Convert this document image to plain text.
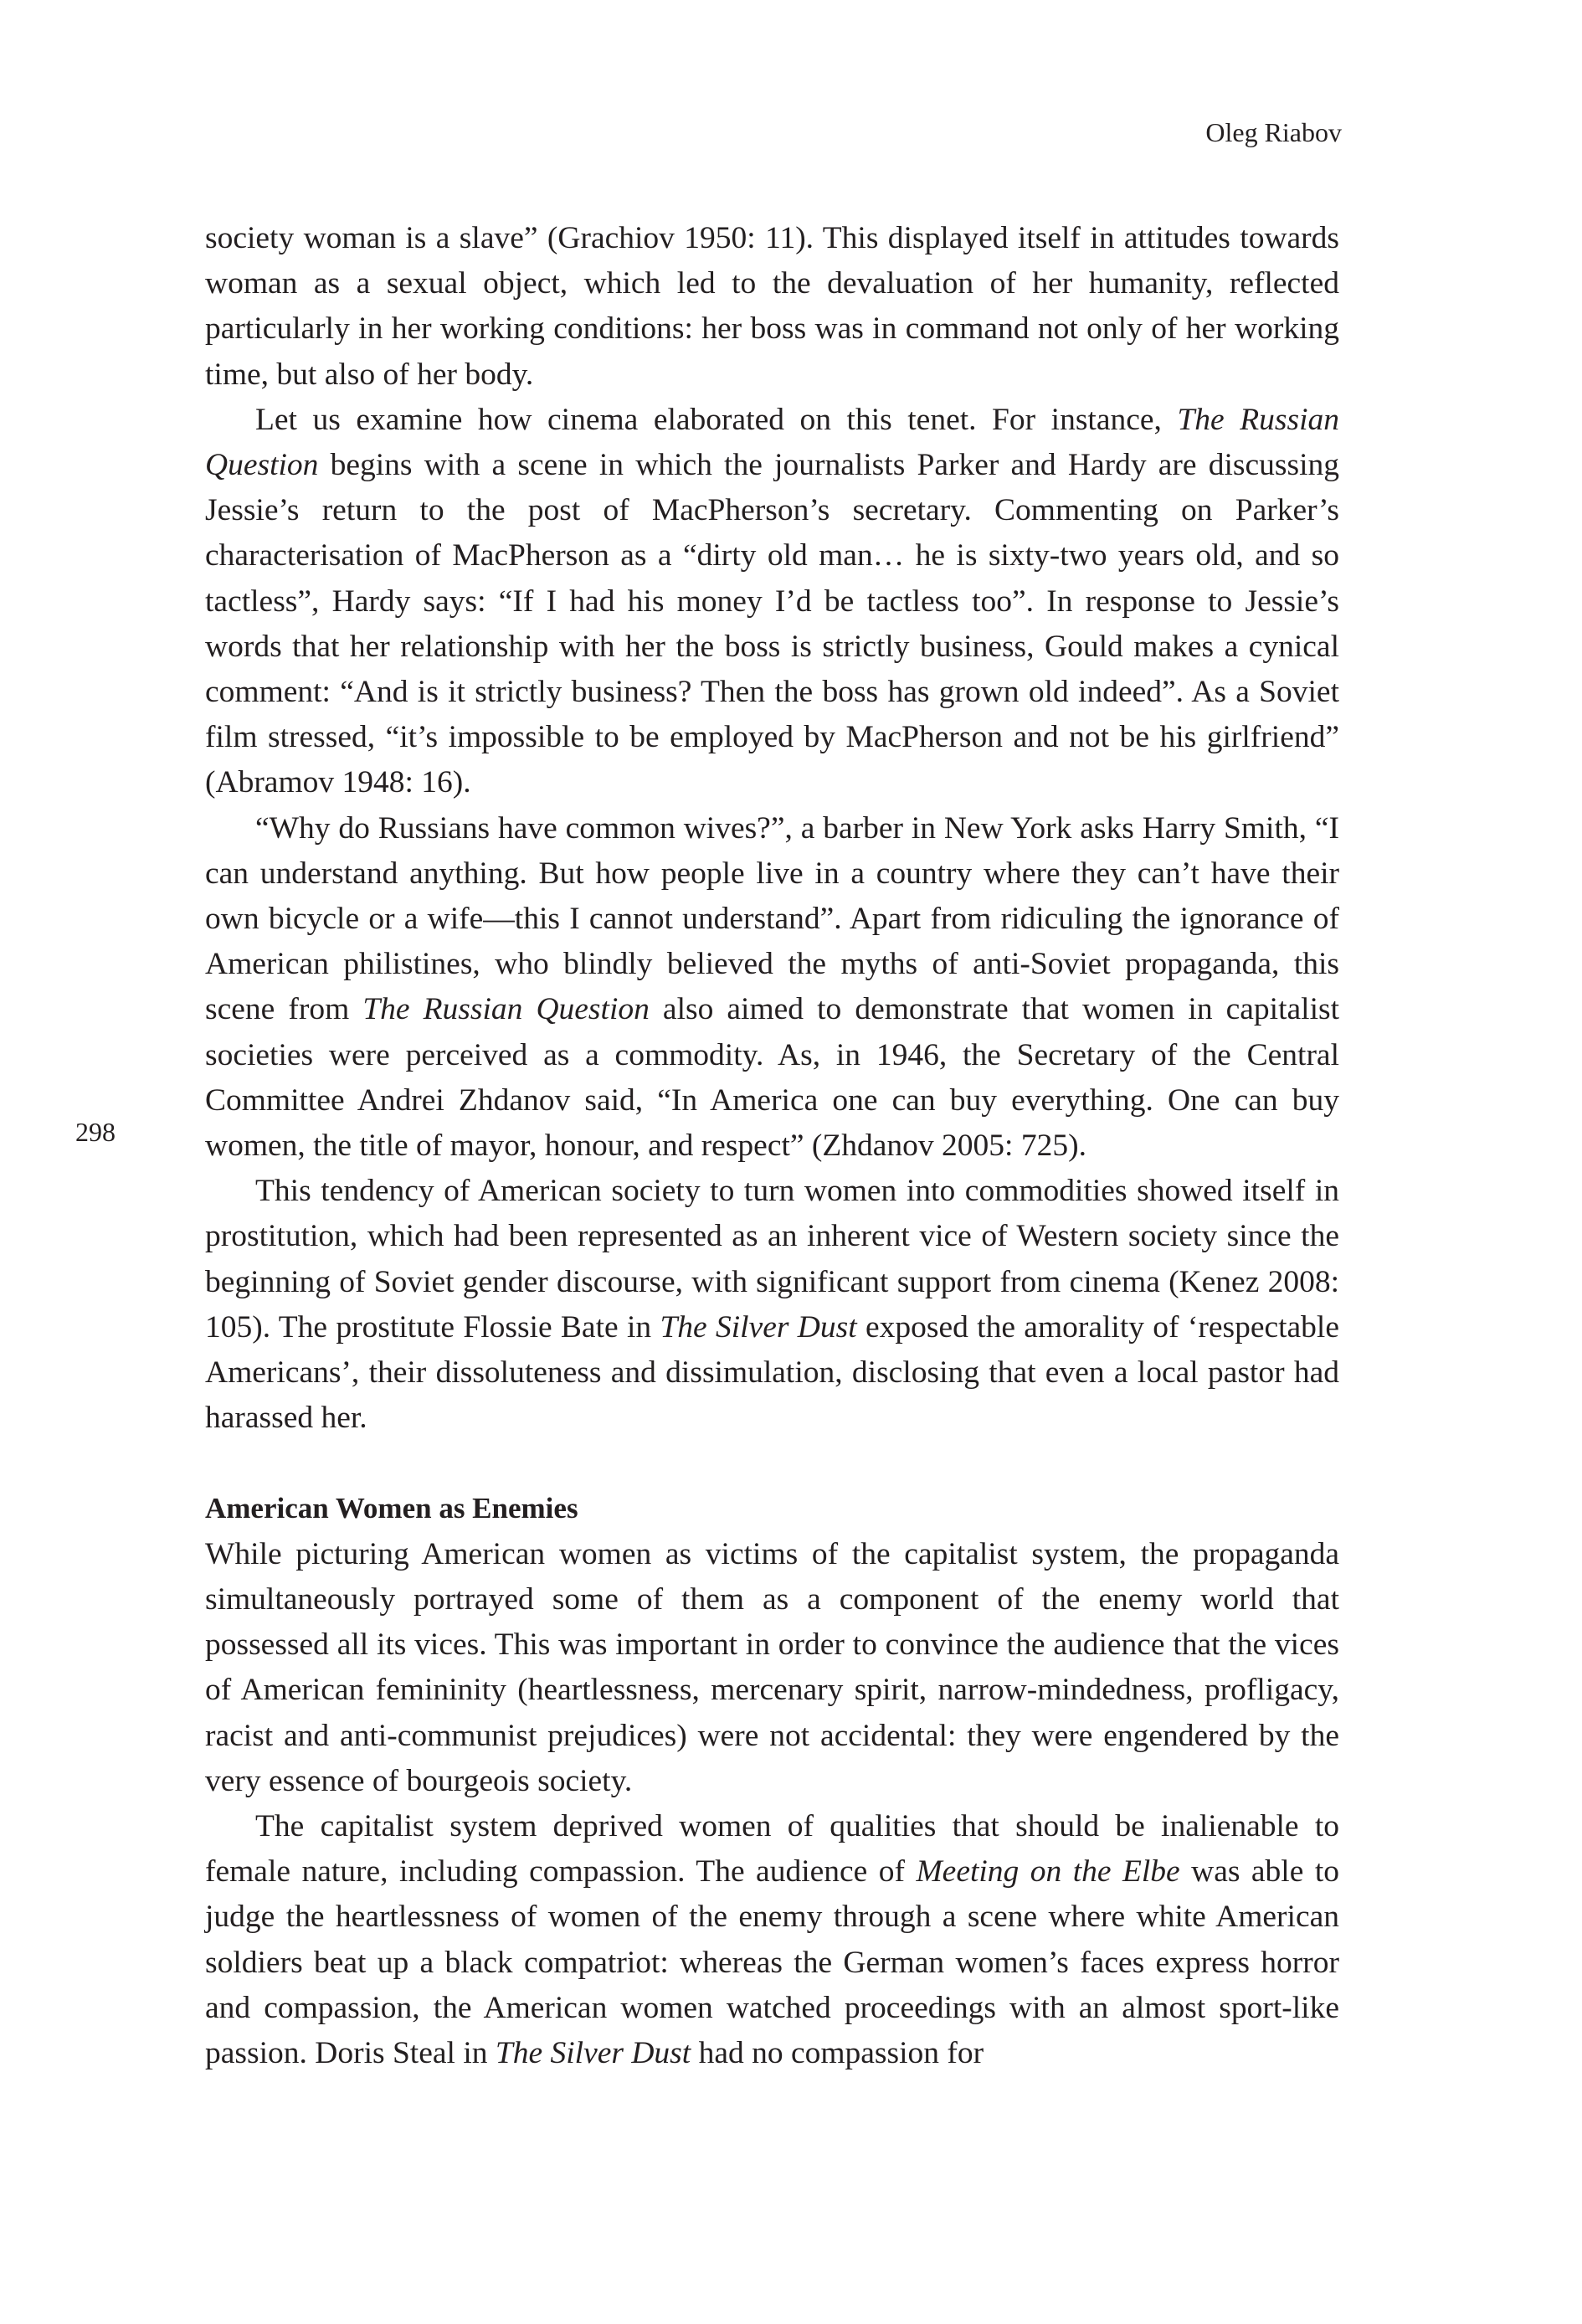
Oleg Riabov
298

society woman is a slave” (Grachiov 1950: 11). This displayed itself in attitudes towards woman as a sexual object, which led to the devaluation of her humanity, reflected particularly in her working conditions: her boss was in command not only of her working time, but also of her body.

Let us examine how cinema elaborated on this tenet. For instance, The Russian Question begins with a scene in which the journalists Parker and Hardy are discussing Jessie’s return to the post of MacPherson’s secretary. Commenting on Parker’s characterisation of MacPherson as a “dirty old man… he is sixty-two years old, and so tactless”, Hardy says: “If I had his money I’d be tactless too”. In response to Jessie’s words that her relationship with her the boss is strictly business, Gould makes a cynical comment: “And is it strictly business? Then the boss has grown old indeed”. As a Soviet film stressed, “it’s impossible to be employed by MacPherson and not be his girlfriend” (Abramov 1948: 16).

“Why do Russians have common wives?”, a barber in New York asks Harry Smith, “I can understand anything. But how people live in a country where they can’t have their own bicycle or a wife—this I cannot understand”. Apart from ridiculing the ignorance of American philistines, who blindly believed the myths of anti-Soviet propaganda, this scene from The Russian Question also aimed to demonstrate that women in capitalist societies were perceived as a commodity. As, in 1946, the Secretary of the Central Committee Andrei Zhdanov said, “In America one can buy everything. One can buy women, the title of mayor, honour, and respect” (Zhdanov 2005: 725).

This tendency of American society to turn women into commodities showed itself in prostitution, which had been represented as an inherent vice of Western society since the beginning of Soviet gender discourse, with significant support from cinema (Kenez 2008: 105). The prostitute Flossie Bate in The Silver Dust exposed the amorality of ‘respectable Americans’, their dissoluteness and dissimulation, disclosing that even a local pastor had harassed her.

American Women as Enemies

While picturing American women as victims of the capitalist system, the propaganda simultaneously portrayed some of them as a component of the enemy world that possessed all its vices. This was important in order to convince the audience that the vices of American femininity (heartlessness, mercenary spirit, narrow-mindedness, profligacy, racist and anti-communist prejudices) were not accidental: they were engendered by the very essence of bourgeois society.

The capitalist system deprived women of qualities that should be inalienable to female nature, including compassion. The audience of Meeting on the Elbe was able to judge the heartlessness of women of the enemy through a scene where white American soldiers beat up a black compatriot: whereas the German women’s faces express horror and compassion, the American women watched proceedings with an almost sport-like passion. Doris Steal in The Silver Dust had no compassion for
